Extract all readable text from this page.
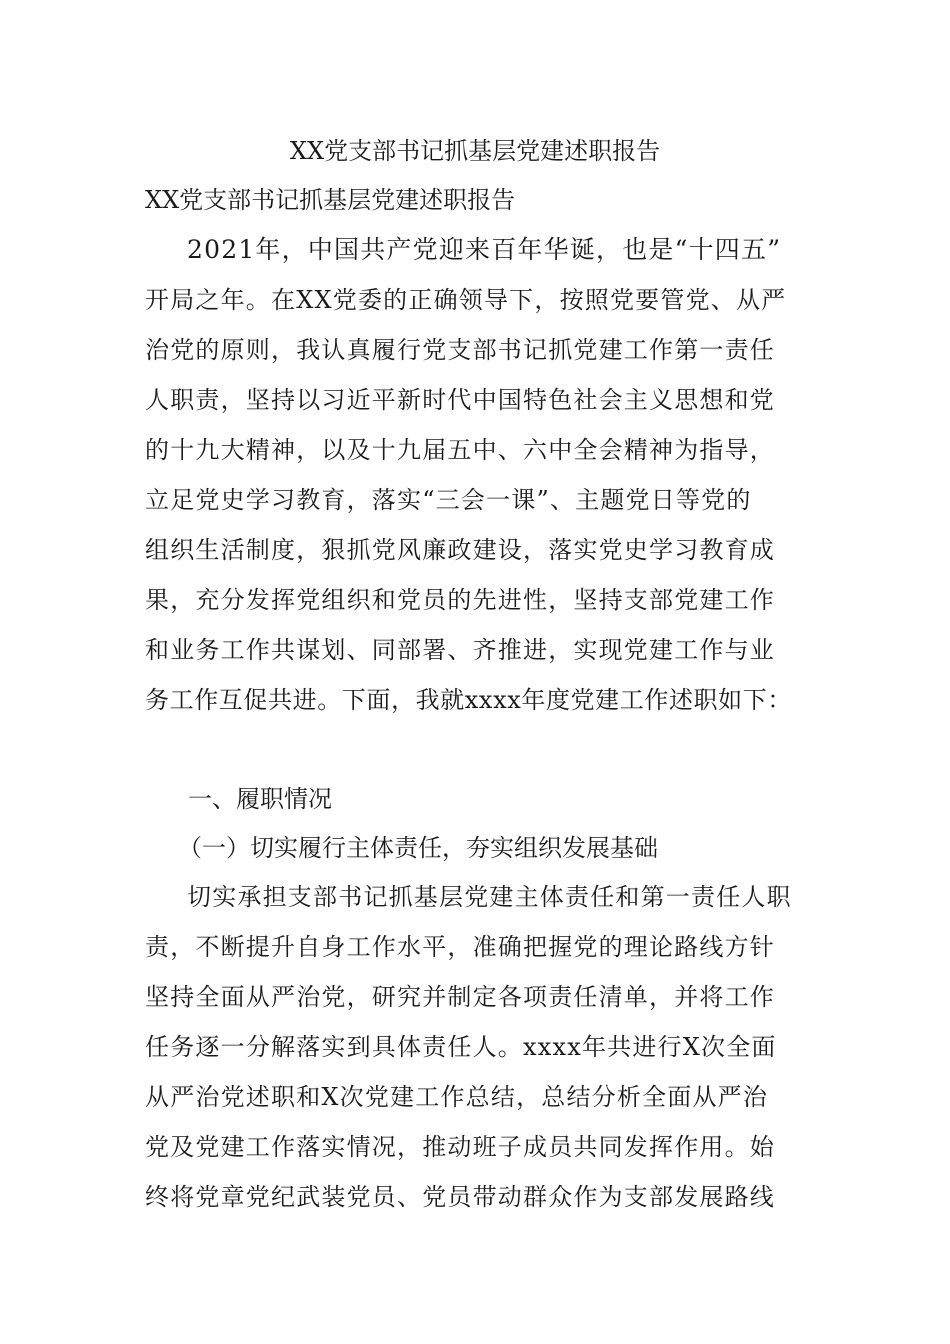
XX党支部书记抓基层党建述职报告
XX党支部书记抓基层党建述职报告
2021年，中国共产党迎来百年华诞，也是“十四五”
开局之年。在XX党委的正确领导下，按照党要管党、从严
治党的原则，我认真履行党支部书记抓党建工作第一责任
人职责，坚持以习近平新时代中国特色社会主义思想和党
的十九大精神，以及十九届五中、六中全会精神为指导，
立足党史学习教育，落实“三会一课”、主题党日等党的
组织生活制度，狠抓党风廉政建设，落实党史学习教育成
果，充分发挥党组织和党员的先进性，坚持支部党建工作
和业务工作共谋划、同部署、齐推进，实现党建工作与业
务工作互促共进。下面，我就xxxx年度党建工作述职如下：
一、履职情况
（一）切实履行主体责任，夯实组织发展基础
切实承担支部书记抓基层党建主体责任和第一责任人职
责，不断提升自身工作水平，准确把握党的理论路线方针
坚持全面从严治党，研究并制定各项责任清单，并将工作
任务逐一分解落实到具体责任人。xxxx年共进行X次全面
从严治党述职和X次党建工作总结，总结分析全面从严治
党及党建工作落实情况，推动班子成员共同发挥作用。始
终将党章党纪武装党员、党员带动群众作为支部发展路线
